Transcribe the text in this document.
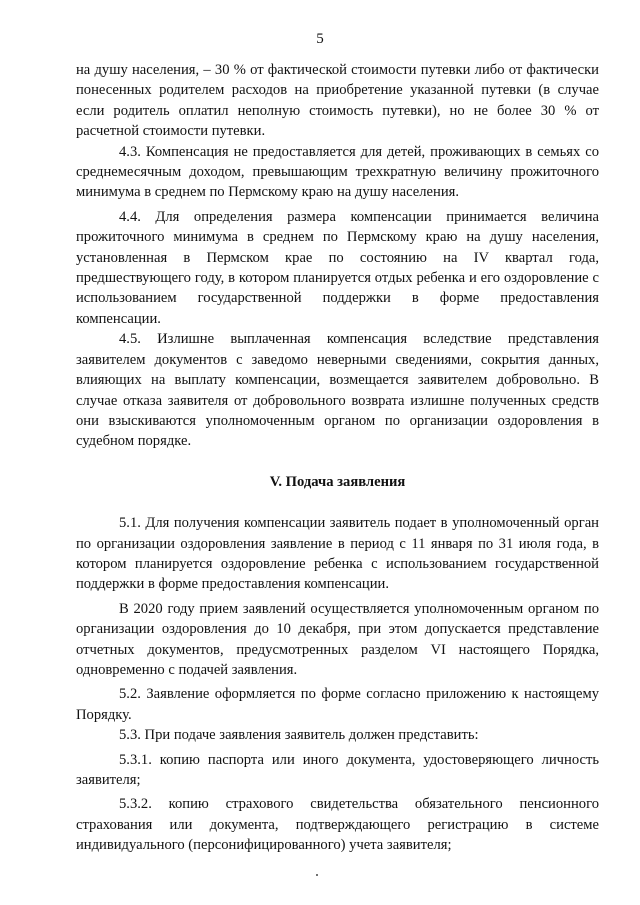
5

на душу населения, – 30 % от фактической стоимости путевки либо от фактически понесенных родителем расходов на приобретение указанной путевки (в случае если родитель оплатил неполную стоимость путевки), но не более 30 % от расчетной стоимости путевки.

4.3. Компенсация не предоставляется для детей, проживающих в семьях со среднемесячным доходом, превышающим трехкратную величину прожиточного минимума в среднем по Пермскому краю на душу населения.

4.4. Для определения размера компенсации принимается величина прожиточного минимума в среднем по Пермскому краю на душу населения, установленная в Пермском крае по состоянию на IV квартал года, предшествующего году, в котором планируется отдых ребенка и его оздоровление с использованием государственной поддержки в форме предоставления компенсации.

4.5. Излишне выплаченная компенсация вследствие представления заявителем документов с заведомо неверными сведениями, сокрытия данных, влияющих на выплату компенсации, возмещается заявителем добровольно. В случае отказа заявителя от добровольного возврата излишне полученных средств они взыскиваются уполномоченным органом по организации оздоровления в судебном порядке.

V. Подача заявления

5.1. Для получения компенсации заявитель подает в уполномоченный орган по организации оздоровления заявление в период с 11 января по 31 июля года, в котором планируется оздоровление ребенка с использованием государственной поддержки в форме предоставления компенсации.

В 2020 году прием заявлений осуществляется уполномоченным органом по организации оздоровления до 10 декабря, при этом допускается представление отчетных документов, предусмотренных разделом VI настоящего Порядка, одновременно с подачей заявления.

5.2. Заявление оформляется по форме согласно приложению к настоящему Порядку.

5.3. При подаче заявления заявитель должен представить:

5.3.1. копию паспорта или иного документа, удостоверяющего личность заявителя;

5.3.2. копию страхового свидетельства обязательного пенсионного страхования или документа, подтверждающего регистрацию в системе индивидуального (персонифицированного) учета заявителя;
